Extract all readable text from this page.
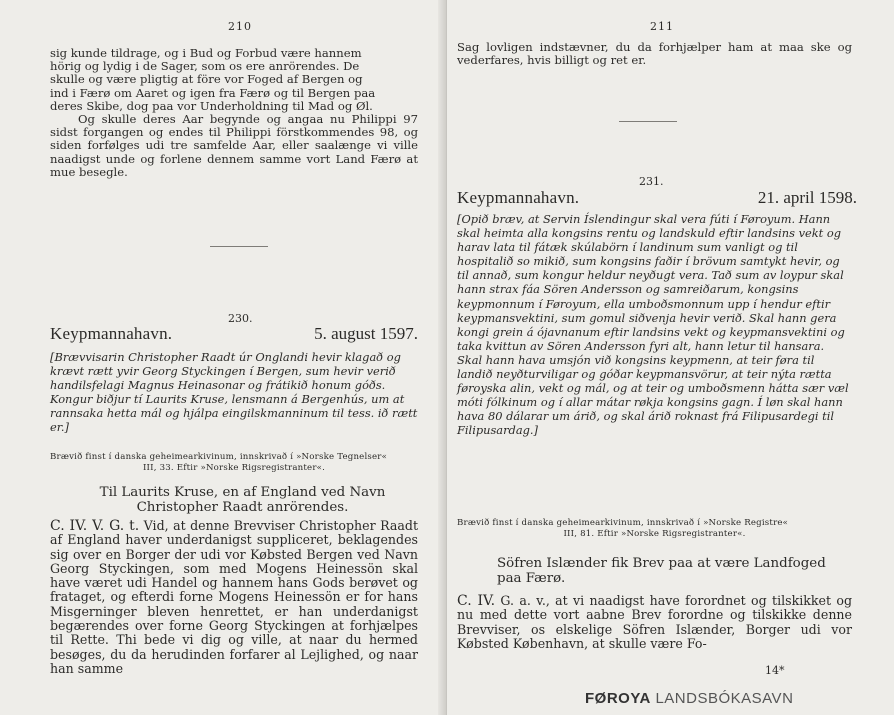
210
sig kunde tildrage, og i Bud og Forbud være hannem
hörig og lydig i de Sager, som os ere anrörendes. De
skulle og være pligtig at före vor Foged af Bergen og
ind i Færø om Aaret og igen fra Færø og til Bergen paa
deres Skibe, dog paa vor Underholdning til Mad og Øl.

Og skulle deres Aar begynde og angaa nu Philippi 97 sidst forgangen og endes til Philippi förstkommendes 98, og siden forfølges udi tre samfelde Aar, eller saalænge vi ville naadigst unde og forlene dennem samme vort Land Færø at mue besegle.

230.
Keypmannahavn.	5. august 1597.
[Brævvisarin Christopher Raadt úr Onglandi hevir klagað og krævt rætt yvir Georg Styckingen í Bergen, sum hevir verið handilsfelagi Magnus Heinasonar og frátikið honum góðs. Kongur biðjur tí Laurits Kruse, lensmann á Bergenhús, um at rannsaka hetta mál og hjálpa eingilskmanninum til tess. ið rætt er.]
Brævið finst í danska geheimearkivinum, innskrivað í »Norske Tegnelser«
III, 33. Eftir »Norske Rigsregistranter«.
Til Laurits Kruse, en af England ved Navn Christopher Raadt anrörendes.

C. IV. V. G. t. Vid, at denne Brevviser Christopher Raadt af England haver underdanigst suppliceret, beklagendes sig over en Borger der udi vor Købsted Bergen ved Navn Georg Styckingen, som med Mogens Heinessön skal have været udi Handel og hannem hans Gods berøvet og frataget, og efterdi forne Mogens Heinessön er for hans Misgerninger bleven henrettet, er han underdanigst begærendes over forne Georg Styckingen at forhjælpes til Rette. Thi bede vi dig og ville, at naar du hermed besøges, du da herudinden forfarer al Lejlighed, og naar han samme

211

Sag lovligen indstævner, du da forhjælper ham at maa ske og vederfares, hvis billigt og ret er.

231.
Keypmannahavn.	21. april 1598.
[Opið bræv, at Servin Íslendingur skal vera fúti í Føroyum. Hann skal heimta alla kongsins rentu og landskuld eftir landsins vekt og harav lata til fátæk skúlabörn í landinum sum vanligt og til hospitalið so mikið, sum kongsins faðir í brövum samtykt hevir, og til annað, sum kongur heldur neyðugt vera. Tað sum av loypur skal hann strax fáa Sören Andersson og samreiðarum, kongsins keypmonnum í Føroyum, ella umboðsmonnum upp í hendur eftir keypmansvektini, sum gomul siðvenja hevir verið. Skal hann gera kongi grein á ójavnanum eftir landsins vekt og keypmansvektini og taka kvittun av Sören Andersson fyri alt, hann letur til hansara. Skal hann hava umsjón við kongsins keypmenn, at teir føra til landið neyðturviligar og góðar keypmansvörur, at teir nýta rætta føroyska alin, vekt og mál, og at teir og umboðsmenn hátta sær væl móti fólkinum og í allar mátar røkja kongsins gagn. Í løn skal hann hava 80 dálarar um árið, og skal árið roknast frá Filipusardegi til Filipusardag.]
Brævið finst í danska geheimearkivinum, innskrivað í »Norske Registre«
III, 81. Eftir »Norske Rigsregistranter«.
Söfren Islænder fik Brev paa at være Landfoged paa Færø.

C. IV. G. a. v., at vi naadigst have forordnet og tilskikket og nu med dette vort aabne Brev forordne og tilskikke denne Brevviser, os elskelige Söfren Islænder, Borger udi vor Købsted København, at skulle være Fo-

14*
FØROYA LANDSBÓKASAVN
